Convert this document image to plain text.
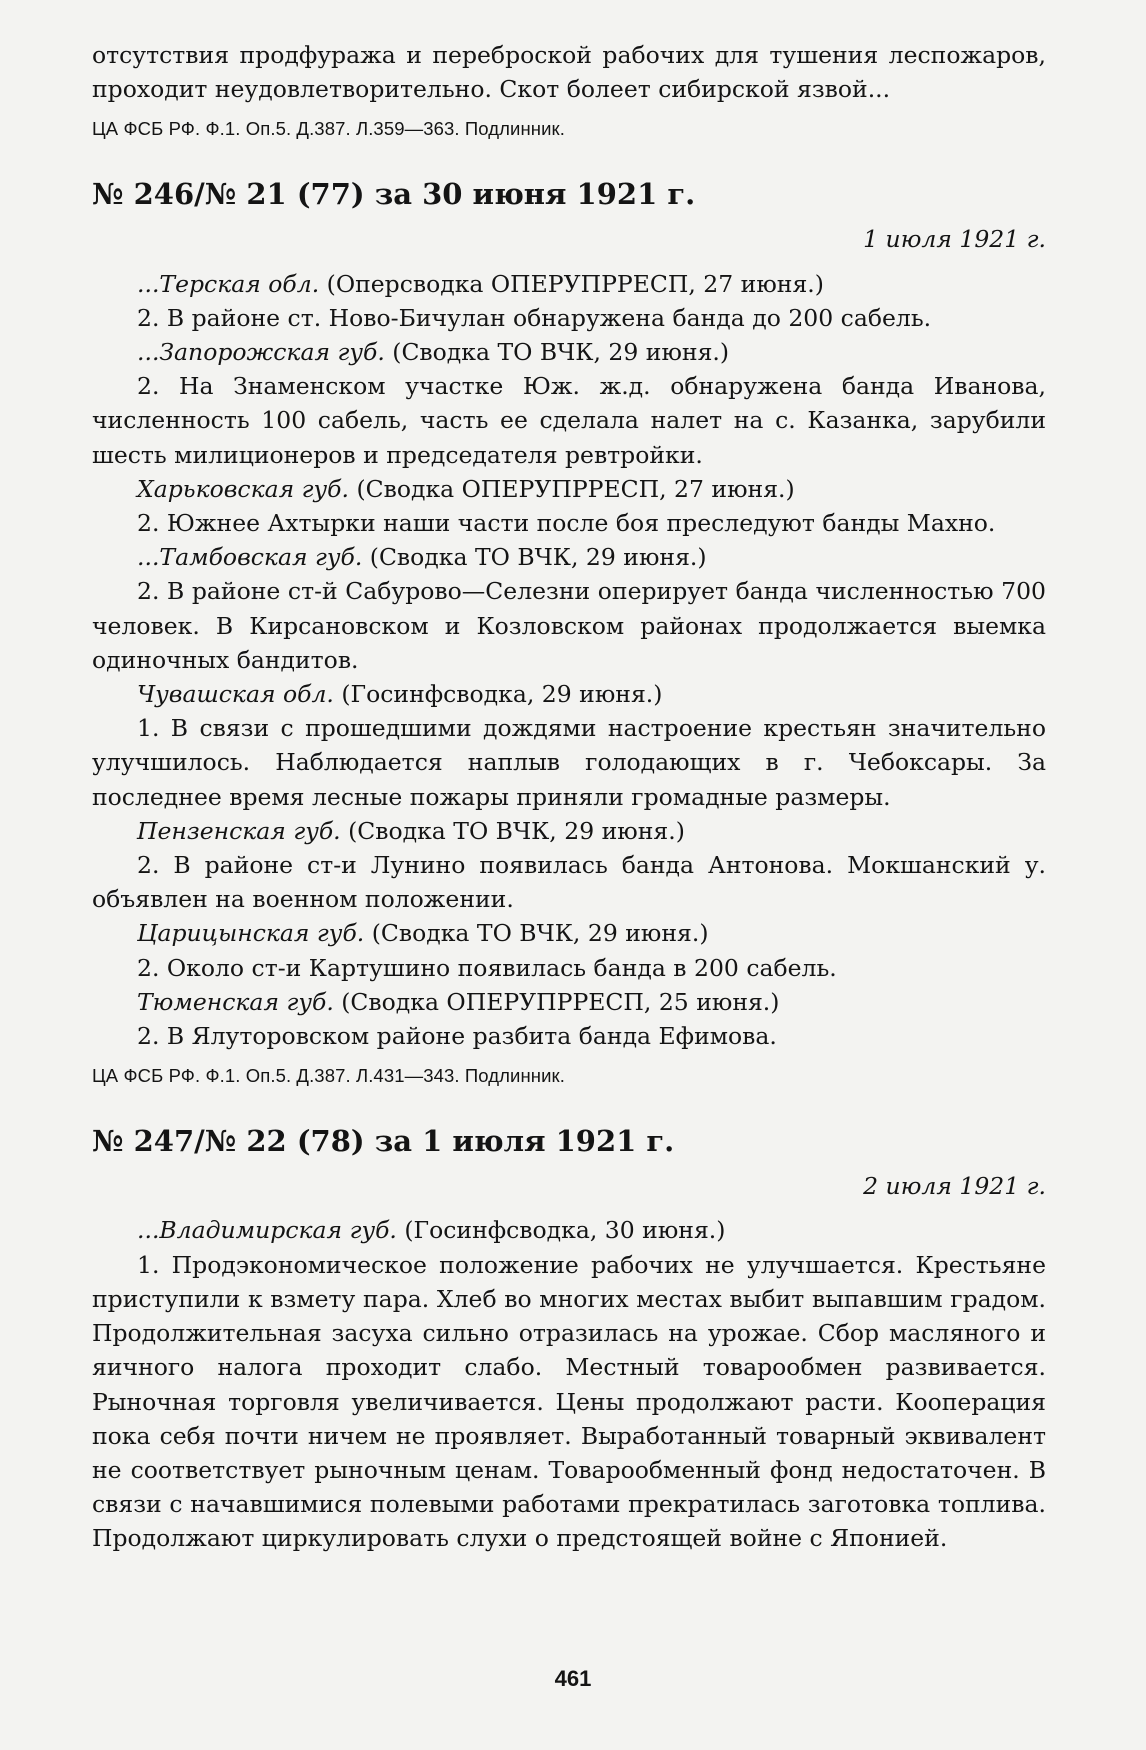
отсутствия продфуража и переброской рабочих для тушения леспожаров, проходит неудовлетворительно. Скот болеет сибирской язвой...

ЦА ФСБ РФ. Ф.1. Оп.5. Д.387. Л.359—363. Подлинник.

№ 246/№ 21 (77) за 30 июня 1921 г.

1 июля 1921 г.

...Терская обл. (Оперсводка ОПЕРУПРРЕСП, 27 июня.)

2. В районе ст. Ново-Бичулан обнаружена банда до 200 сабель.

...Запорожская губ. (Сводка ТО ВЧК, 29 июня.)

2. На Знаменском участке Юж. ж.д. обнаружена банда Иванова, численность 100 сабель, часть ее сделала налет на с. Казанка, зарубили шесть милиционеров и председателя ревтройки.

Харьковская губ. (Сводка ОПЕРУПРРЕСП, 27 июня.)

2. Южнее Ахтырки наши части после боя преследуют банды Махно.

...Тамбовская губ. (Сводка ТО ВЧК, 29 июня.)

2. В районе ст-й Сабурово—Селезни оперирует банда численностью 700 человек. В Кирсановском и Козловском районах продолжается выемка одиночных бандитов.

Чувашская обл. (Госинфсводка, 29 июня.)

1. В связи с прошедшими дождями настроение крестьян значительно улучшилось. Наблюдается наплыв голодающих в г. Чебоксары. За последнее время лесные пожары приняли громадные размеры.

Пензенская губ. (Сводка ТО ВЧК, 29 июня.)

2. В районе ст-и Лунино появилась банда Антонова. Мокшанский у. объявлен на военном положении.

Царицынская губ. (Сводка ТО ВЧК, 29 июня.)

2. Около ст-и Картушино появилась банда в 200 сабель.

Тюменская губ. (Сводка ОПЕРУПРРЕСП, 25 июня.)

2. В Ялуторовском районе разбита банда Ефимова.

ЦА ФСБ РФ. Ф.1. Оп.5. Д.387. Л.431—343. Подлинник.

№ 247/№ 22 (78) за 1 июля 1921 г.

2 июля 1921 г.

...Владимирская губ. (Госинфсводка, 30 июня.)

1. Продэкономическое положение рабочих не улучшается. Крестьяне приступили к взмету пара. Хлеб во многих местах выбит выпавшим градом. Продолжительная засуха сильно отразилась на урожае. Сбор масляного и яичного налога проходит слабо. Местный товарообмен развивается. Рыночная торговля увеличивается. Цены продолжают расти. Кооперация пока себя почти ничем не проявляет. Выработанный товарный эквивалент не соответствует рыночным ценам. Товарообменный фонд недостаточен. В связи с начавшимися полевыми работами прекратилась заготовка топлива. Продолжают циркулировать слухи о предстоящей войне с Японией.

461
